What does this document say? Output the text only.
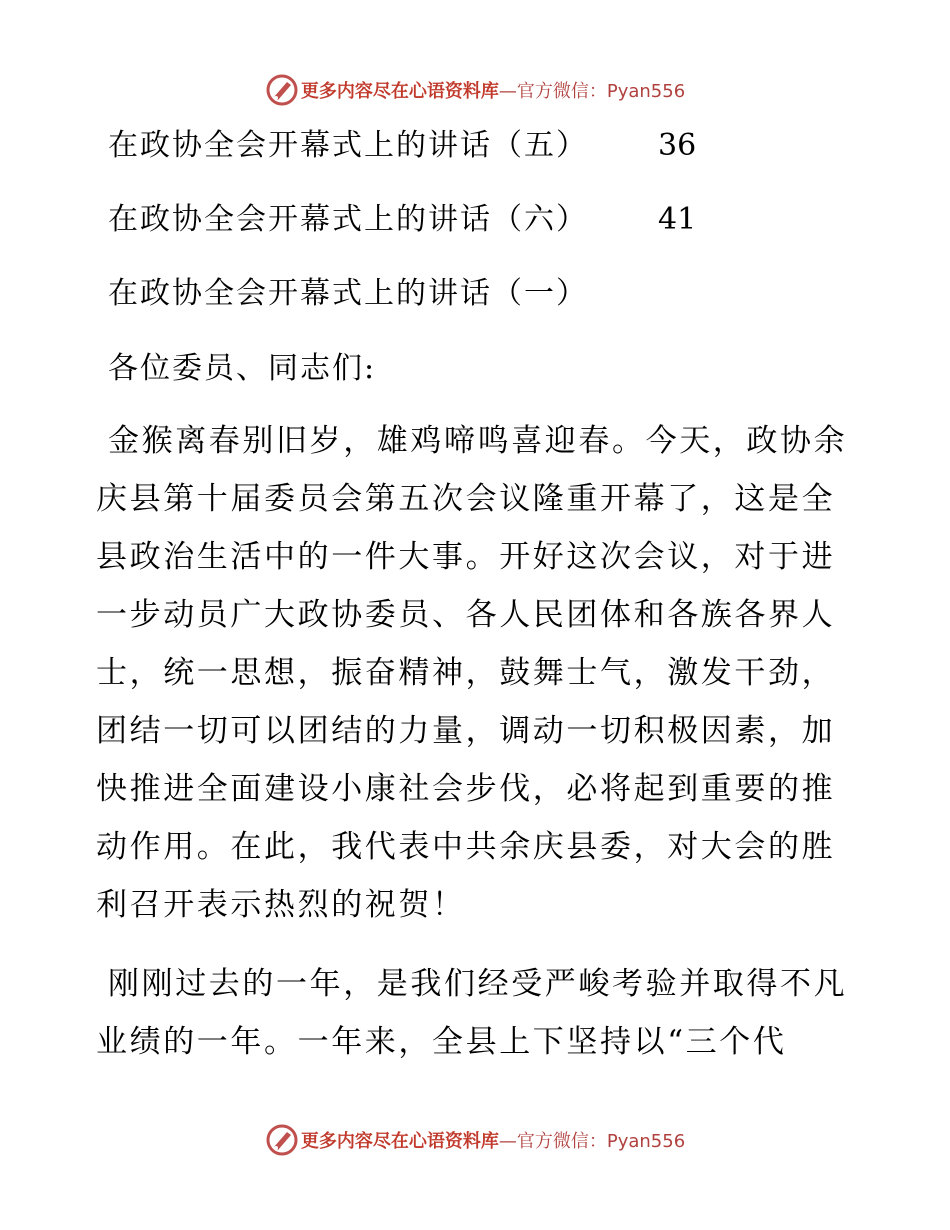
更多内容尽在心语资料库—官方微信：Pyan556
在政协全会开幕式上的讲话（五） 36
在政协全会开幕式上的讲话（六） 41
在政协全会开幕式上的讲话（一）
各位委员、同志们:

金猴离春别旧岁，雄鸡啼鸣喜迎春。今天，政协余庆县第十届委员会第五次会议隆重开幕了，这是全县政治生活中的一件大事。开好这次会议，对于进一步动员广大政协委员、各人民团体和各族各界人士，统一思想，振奋精神，鼓舞士气，激发干劲，团结一切可以团结的力量，调动一切积极因素，加快推进全面建设小康社会步伐，必将起到重要的推动作用。在此，我代表中共余庆县委，对大会的胜利召开表示热烈的祝贺！

刚刚过去的一年，是我们经受严峻考验并取得不凡业绩的一年。一年来，全县上下坚持以“三个代

更多内容尽在心语资料库—官方微信：Pyan556
